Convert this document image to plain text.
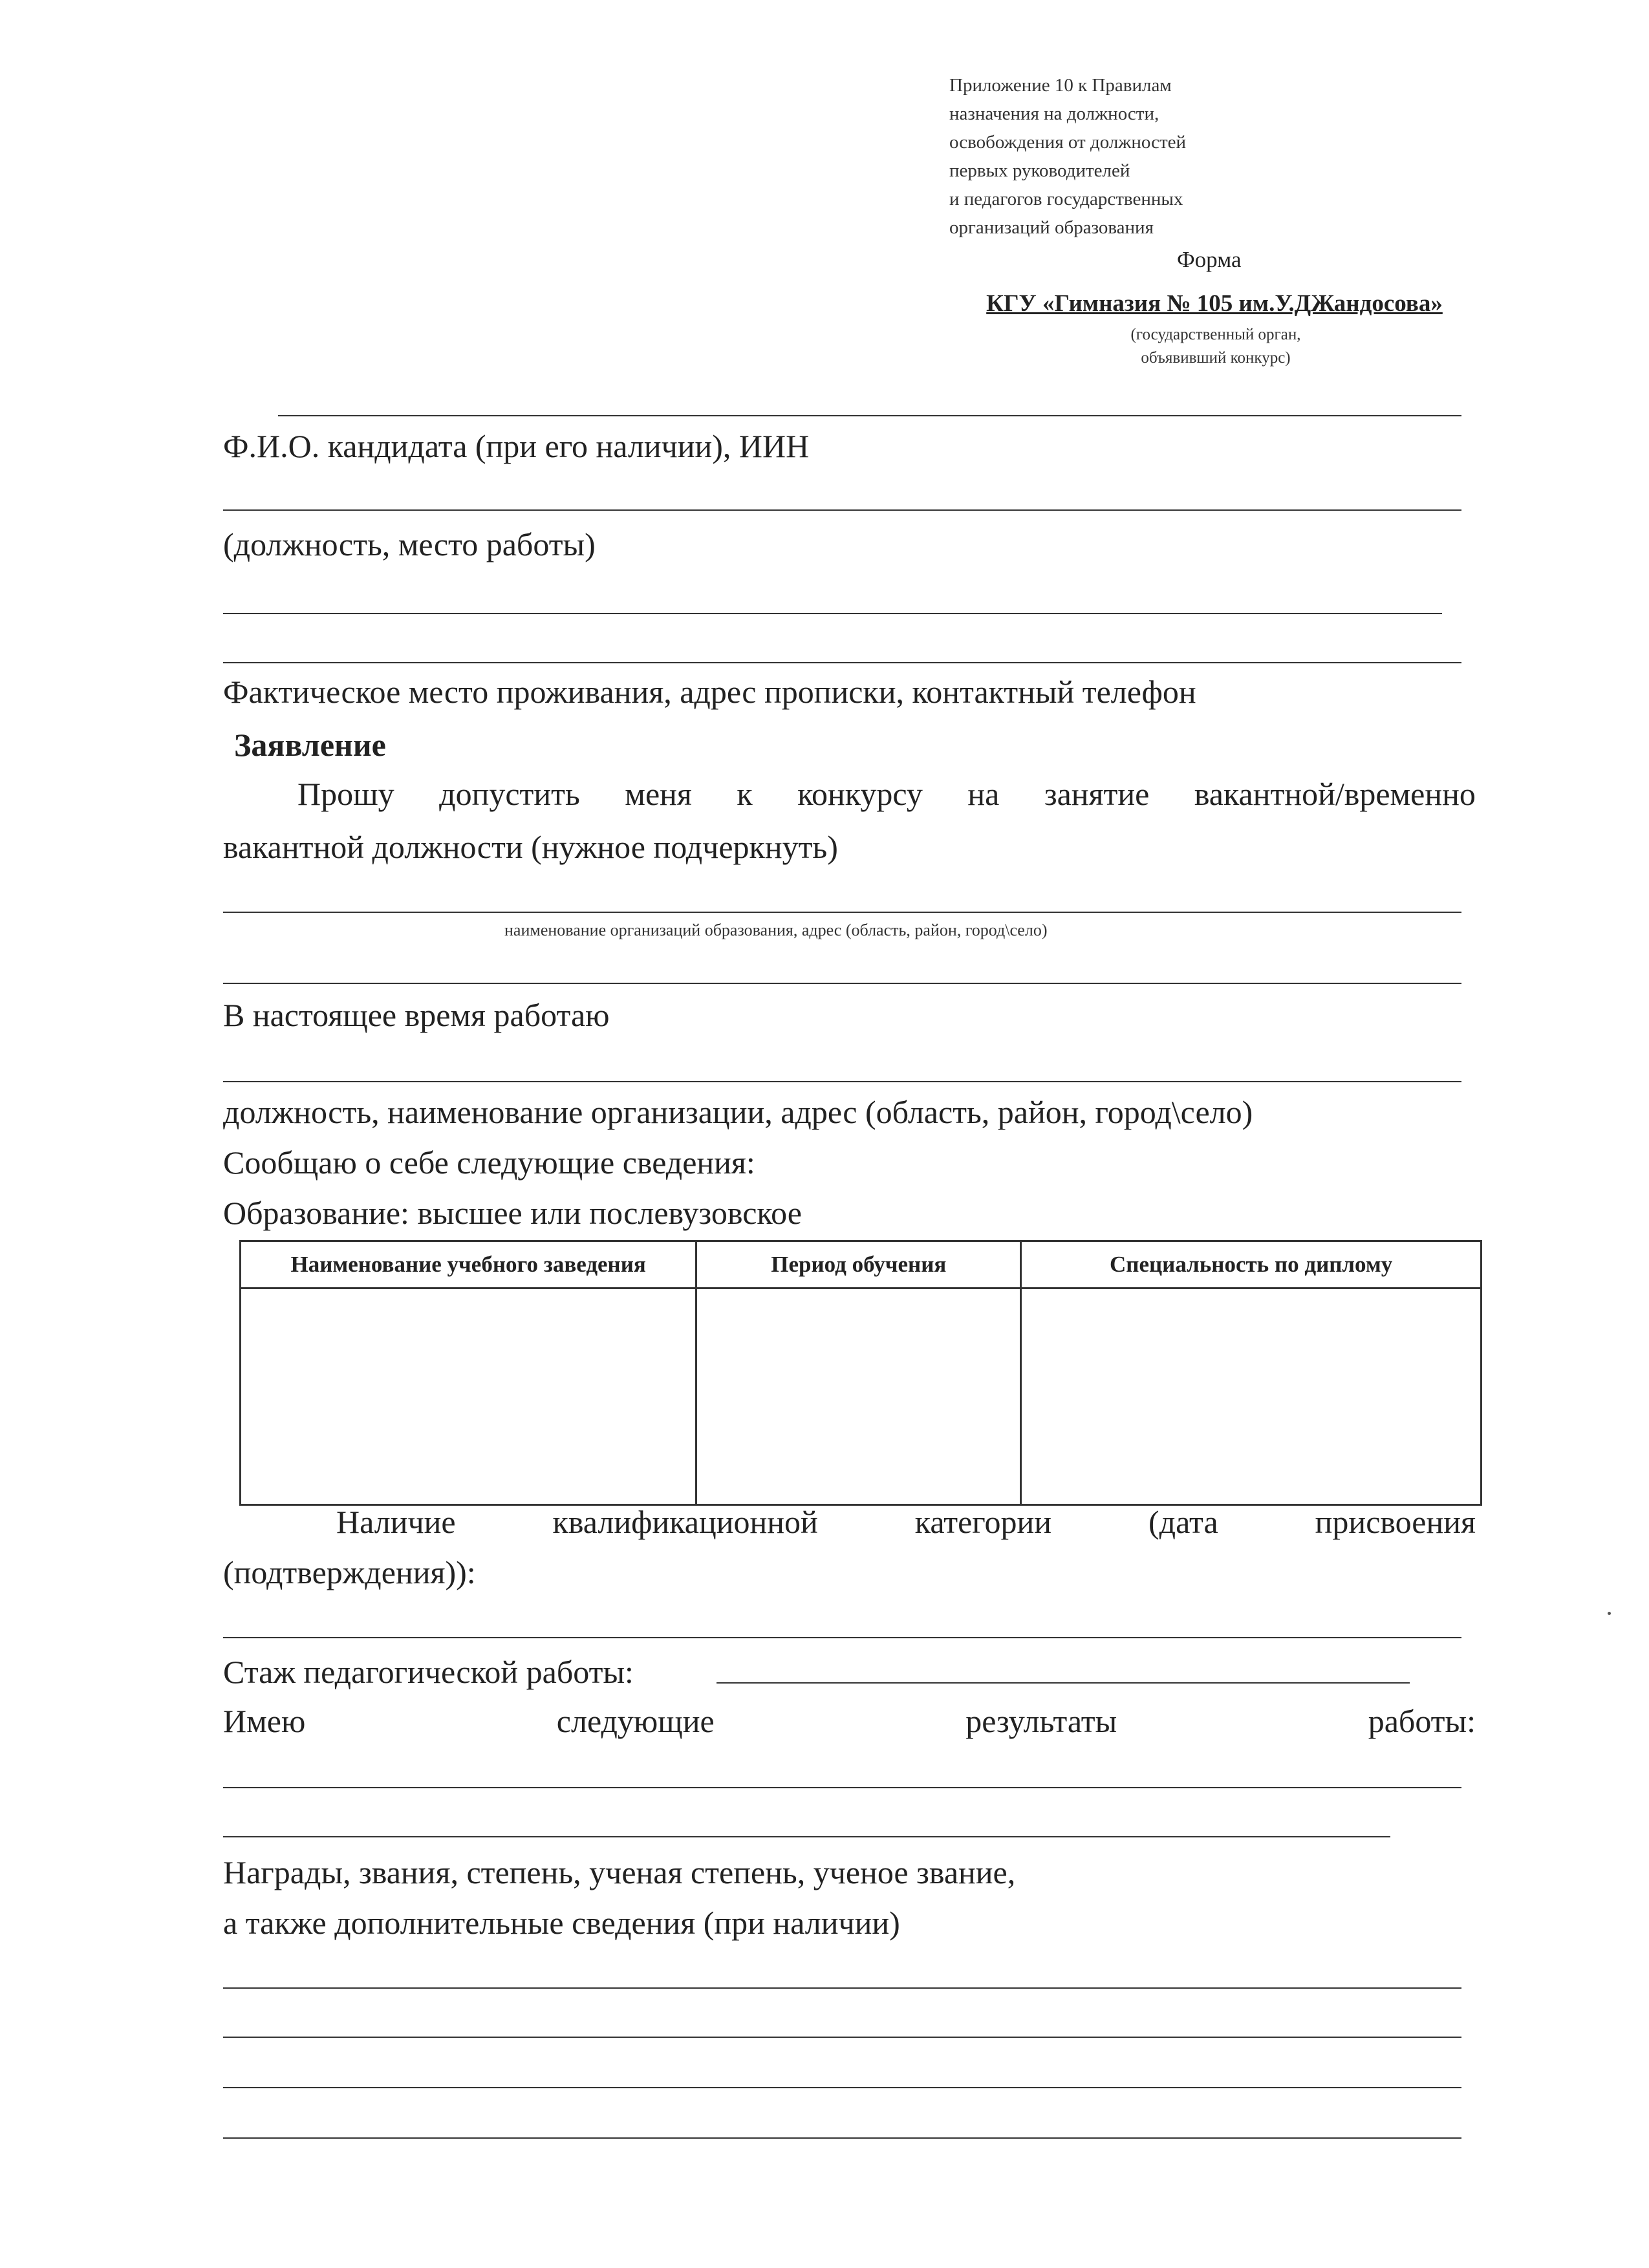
Приложение 10 к Правилам
назначения на должности,
освобождения от должностей
первых руководителей
и педагогов государственных
организаций образования
Форма
КГУ «Гимназия № 105 им.У.ДЖандосова»
(государственный орган,
объявивший конкурс)
Ф.И.О. кандидата (при его наличии), ИИН
(должность, место работы)
Фактическое место проживания, адрес прописки, контактный телефон
Заявление
Прошу допустить меня к конкурсу на занятие вакантной/временно
вакантной должности (нужное подчеркнуть)
наименование организаций образования, адрес (область, район, город\село)
В настоящее время работаю
должность, наименование организации, адрес (область, район, город\село)
Сообщаю о себе следующие сведения:
Образование: высшее или послевузовское
Наименование учебного заведения	Период обучения	Специальность по диплому

Наличие	квалификационной	категории	(дата	присвоения
(подтверждения)):
Стаж педагогической работы:
Имею	следующие	результаты	работы:
Награды, звания, степень, ученая степень, ученое звание,
а также дополнительные сведения (при наличии)
